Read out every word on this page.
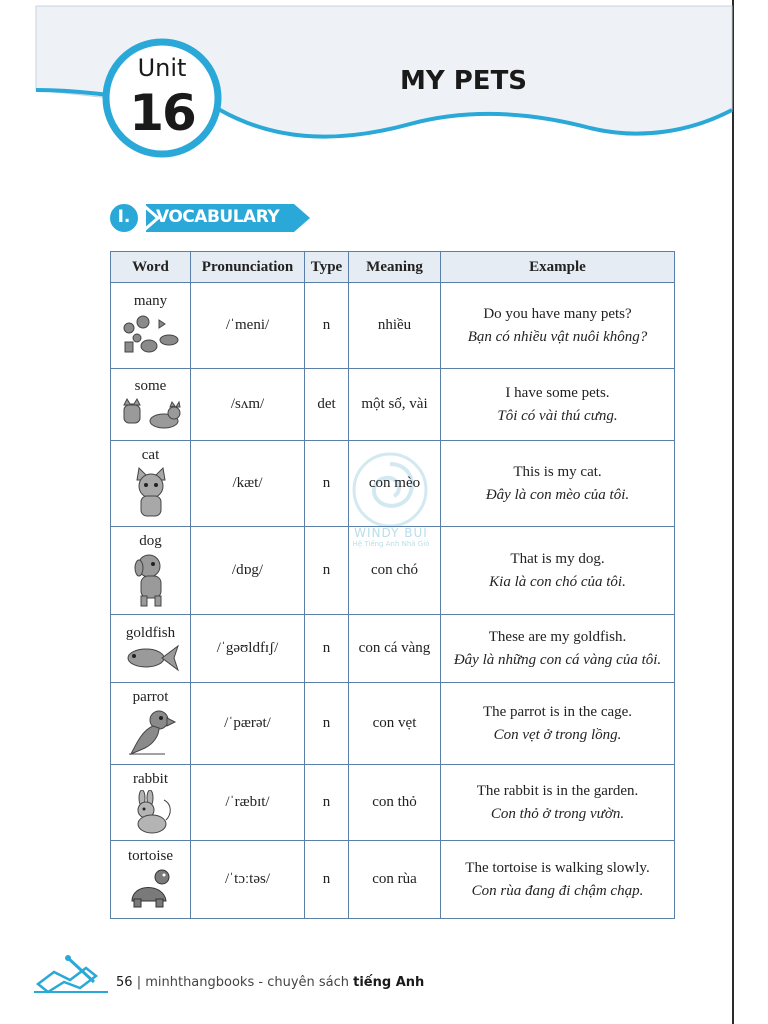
Unit
16
MY PETS
I. VOCABULARY
WINDY BUI
Hệ Tiếng Anh Nhà Gió
Word	Pronunciation	Type	Meaning	Example

many	/ˈmeni/	n	nhiều	Do you have many pets?
Bạn có nhiều vật nuôi không?

some	/sʌm/	det	một số, vài	I have some pets.
Tôi có vài thú cưng.

cat	/kæt/	n	con mèo	This is my cat.
Đây là con mèo của tôi.

dog	/dɒg/	n	con chó	That is my dog.
Kia là con chó của tôi.

goldfish	/ˈgəʊldfɪʃ/	n	con cá vàng	These are my goldfish.
Đây là những con cá vàng của tôi.

parrot	/ˈpærət/	n	con vẹt	The parrot is in the cage.
Con vẹt ở trong lồng.

rabbit	/ˈræbɪt/	n	con thỏ	The rabbit is in the garden.
Con thỏ ở trong vườn.

tortoise	/ˈtɔːtəs/	n	con rùa	The tortoise is walking slowly.
Con rùa đang đi chậm chạp.
56 | minhthangbooks - chuyên sách tiếng Anh
